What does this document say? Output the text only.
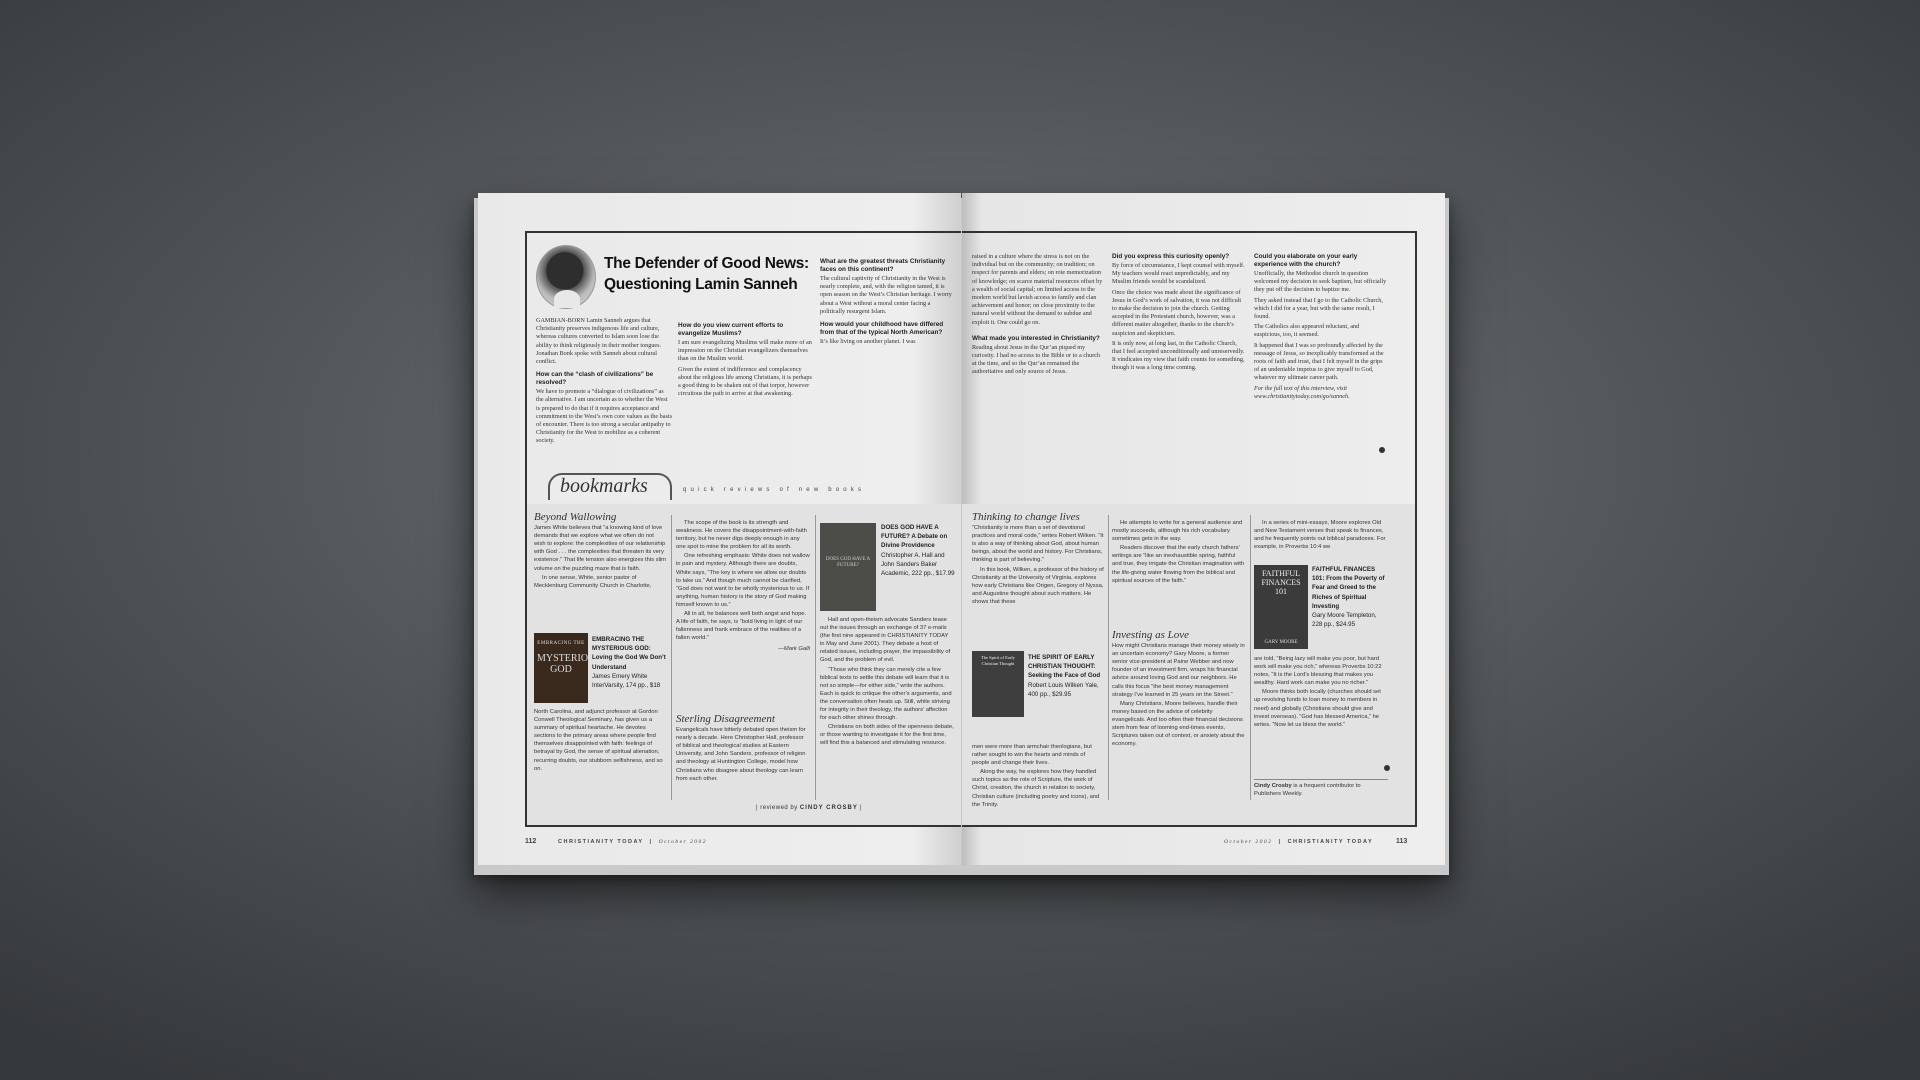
The Defender of Good News: Questioning Lamin Sanneh

GAMBIAN-BORN Lamin Sanneh argues that Christianity preserves indigenous life and culture, whereas cultures converted to Islam soon lose the ability to think religiously in their mother tongues. Jonathan Bonk spoke with Sanneh about cultural conflict.

How can the “clash of civilizations” be resolved?

We have to promote a “dialogue of civilizations” as the alternative. I am uncertain as to whether the West is prepared to do that if it requires acceptance and commitment to the West’s own core values as the basis of encounter. There is too strong a secular antipathy to Christianity for the West to mobilize as a coherent society.

How do you view current efforts to evangelize Muslims?

I am sure evangelizing Muslims will make more of an impression on the Christian evangelizers themselves than on the Muslim world.

Given the extent of indifference and complacency about the religious life among Christians, it is perhaps a good thing to be shaken out of that torpor, however circuitous the path to arrive at that awakening.

What are the greatest threats Christianity faces on this continent?

The cultural captivity of Christianity in the West is nearly complete, and, with the religion tamed, it is open season on the West’s Christian heritage. I worry about a West without a moral center facing a politically resurgent Islam.

How would your childhood have differed from that of the typical North American?

It’s like living on another planet. I was

bookmarks	quick reviews of new books
Beyond Wallowing

James White believes that “a knowing kind of love demands that we explore what we often do not wish to explore: the complexities of our relationship with God . . . the complexities that threaten its very existence.” That life tension also energizes this slim volume on the puzzling maze that is faith.

In one sense, White, senior pastor of Mecklenburg Community Church in Charlotte,

EMBRACING THE
MYSTERIOUS GOD
EMBRACING THE MYSTERIOUS GOD: Loving the God We Don’t Understand
James Emery White InterVarsity, 174 pp., $18

North Carolina, and adjunct professor at Gordon Conwell Theological Seminary, has given us a summary of spiritual heartache. He devotes sections to the primary areas where people find themselves disappointed with faith: feelings of betrayal by God, the sense of spiritual alienation, recurring doubts, our stubborn selfishness, and so on.

The scope of the book is its strength and weakness. He covers the disappointment-with-faith territory, but he never digs deeply enough in any one spot to mine the problem for all its worth.

One refreshing emphasis: White does not wallow in pain and mystery. Although there are doubts, White says, “The key is where we allow our doubts to take us.” And though much cannot be clarified, “God does not want to be wholly mysterious to us. If anything, human history is the story of God making himself known to us.”

All in all, he balances well both angst and hope. A life of faith, he says, is “bold living in light of our fallenness and frank embrace of the realities of a fallen world.”

—Mark Galli
Sterling Disagreement

Evangelicals have bitterly debated open theism for nearly a decade. Here Christopher Hall, professor of biblical and theological studies at Eastern University, and John Sanders, professor of religion and theology at Huntington College, model how Christians who disagree about theology can learn from each other.

DOES GOD HAVE A FUTURE?
DOES GOD HAVE A FUTURE? A Debate on Divine Providence
Christopher A. Hall and John Sanders Baker Academic, 222 pp., $17.99

Hall and open-theism advocate Sanders tease out the issues through an exchange of 37 e-mails (the first nine appeared in CHRISTIANITY TODAY in May and June 2001). They debate a host of related issues, including prayer, the impassibility of God, and the problem of evil.

“Those who think they can merely cite a few biblical texts to settle this debate will learn that it is not so simple—for either side,” write the authors. Each is quick to critique the other’s arguments, and the conversation often heats up. Still, while striving for integrity in their theology, the authors’ affection for each other shines through.

Christians on both sides of the openness debate, or those wanting to investigate it for the first time, will find this a balanced and stimulating resource.

| reviewed by CINDY CROSBY |
112	CHRISTIANITY TODAY  |  October 2002

raised in a culture where the stress is not on the individual but on the community; on tradition; on respect for parents and elders; on rote memorization of knowledge; on scarce material resources offset by a wealth of social capital; on limited access to the modern world but lavish access to family and clan achievement and honor; on close proximity to the natural world without the demand to subdue and exploit it. One could go on.

What made you interested in Christianity?

Reading about Jesus in the Qur’an piqued my curiosity. I had no access to the Bible or to a church at the time, and so the Qur’an remained the authoritative and only source of Jesus.

Did you express this curiosity openly?

By force of circumstance, I kept counsel with myself. My teachers would react unpredictably, and my Muslim friends would be scandalized.

Once the choice was made about the significance of Jesus in God’s work of salvation, it was not difficult to make the decision to join the church. Getting accepted in the Protestant church, however, was a different matter altogether, thanks to the church’s suspicion and skepticism.

It is only now, at long last, in the Catholic Church, that I feel accepted unconditionally and unreservedly. It vindicates my view that faith counts for something, though it was a long time coming.

Could you elaborate on your early experience with the church?

Unofficially, the Methodist church in question welcomed my decision to seek baptism, but officially they put off the decision to baptize me.

They asked instead that I go to the Catholic Church, which I did for a year, but with the same result, I found.

The Catholics also appeared reluctant, and suspicious, too, it seemed.

It happened that I was so profoundly affected by the message of Jesus, so inexplicably transformed at the roots of faith and trust, that I felt myself in the grips of an undeniable impetus to give myself to God, whatever my ultimate career path.

For the full text of this interview, visit www.christianitytoday.com/go/sanneh.

Thinking to change lives

“Christianity is more than a set of devotional practices and moral code,” writes Robert Wilken. “It is also a way of thinking about God, about human beings, about the world and history. For Christians, thinking is part of believing.”

In this book, Wilken, a professor of the history of Christianity at the University of Virginia, explores how early Christians like Origen, Gregory of Nyssa, and Augustine thought about such matters. He shows that these

The Spirit of Early Christian Thought
THE SPIRIT OF EARLY CHRISTIAN THOUGHT: Seeking the Face of God
Robert Louis Wilken Yale, 400 pp., $29.95

men were more than armchair theologians, but rather sought to win the hearts and minds of people and change their lives.

Along the way, he explores how they handled such topics as the role of Scripture, the work of Christ, creation, the church in relation to society, Christian culture (including poetry and icons), and the Trinity.

He attempts to write for a general audience and mostly succeeds, although his rich vocabulary sometimes gets in the way.

Readers discover that the early church fathers’ writings are “like an inexhaustible spring, faithful and true, they irrigate the Christian imagination with the life-giving water flowing from the biblical and spiritual sources of the faith.”

Investing as Love

How might Christians manage their money wisely in an uncertain economy? Gary Moore, a former senior vice-president at Paine Webber and now founder of an investment firm, wraps his financial advice around loving God and our neighbors. He calls this focus “the best money management strategy I’ve learned in 25 years on the Street.”

Many Christians, Moore believes, handle their money based on the advice of celebrity evangelicals. And too often their financial decisions stem from fear of looming end-times events, Scriptures taken out of context, or anxiety about the economy.

In a series of mini-essays, Moore explores Old and New Testament verses that speak to finances, and he frequently points out biblical paradoxes. For example, in Proverbs 10:4 we

FAITHFUL FINANCES 101
GARY MOORE
FAITHFUL FINANCES 101: From the Poverty of Fear and Greed to the Riches of Spiritual Investing
Gary Moore Templeton, 228 pp., $24.95

are told, “Being lazy will make you poor, but hard work will make you rich,” whereas Proverbs 10:22 notes, “It is the Lord’s blessing that makes you wealthy. Hard work can make you no richer.”

Moore thinks both locally (churches should set up revolving funds to loan money to members in need) and globally (Christians should give and invest overseas). “God has blessed America,” he writes. “Now let us bless the world.”

Cindy Crosby is a frequent contributor to Publishers Weekly.
October 2002  |  CHRISTIANITY TODAY	113
